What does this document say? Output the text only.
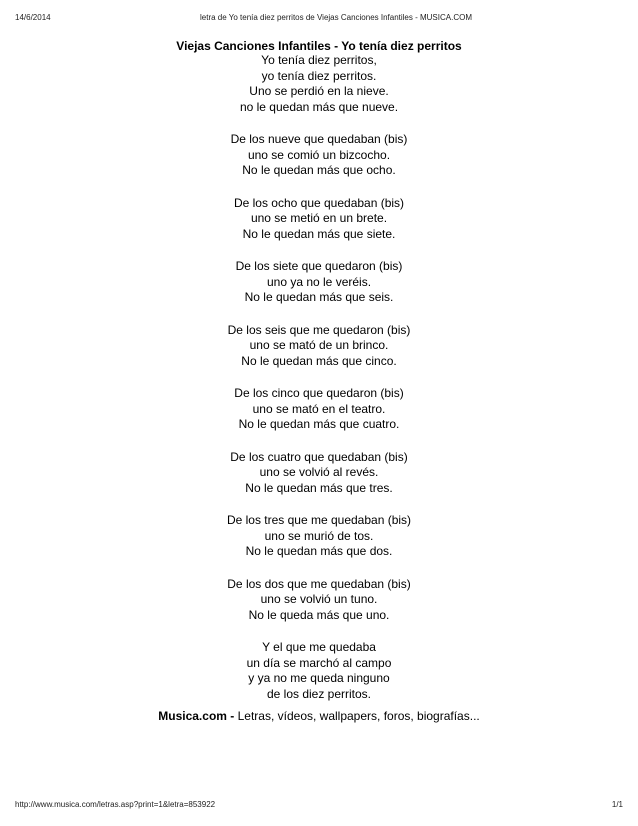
14/6/2014	letra de Yo tenía diez perritos de Viejas Canciones Infantiles - MUSICA.COM
Viejas Canciones Infantiles - Yo tenía diez perritos
Yo tenía diez perritos,
yo tenía diez perritos.
Uno se perdió en la nieve.
no le quedan más que nueve.
De los nueve que quedaban (bis)
uno se comió un bizcocho.
No le quedan más que ocho.
De los ocho que quedaban (bis)
uno se metió en un brete.
No le quedan más que siete.
De los siete que quedaron (bis)
uno ya no le veréis.
No le quedan más que seis.
De los seis que me quedaron (bis)
uno se mató de un brinco.
No le quedan más que cinco.
De los cinco que quedaron (bis)
uno se mató en el teatro.
No le quedan más que cuatro.
De los cuatro que quedaban (bis)
uno se volvió al revés.
No le quedan más que tres.
De los tres que me quedaban (bis)
uno se murió de tos.
No le quedan más que dos.
De los dos que me quedaban (bis)
uno se volvió un tuno.
No le queda más que uno.
Y el que me quedaba
un día se marchó al campo
y ya no me queda ninguno
de los diez perritos.
Musica.com - Letras, vídeos, wallpapers, foros, biografías...
http://www.musica.com/letras.asp?print=1&letra=853922	1/1
